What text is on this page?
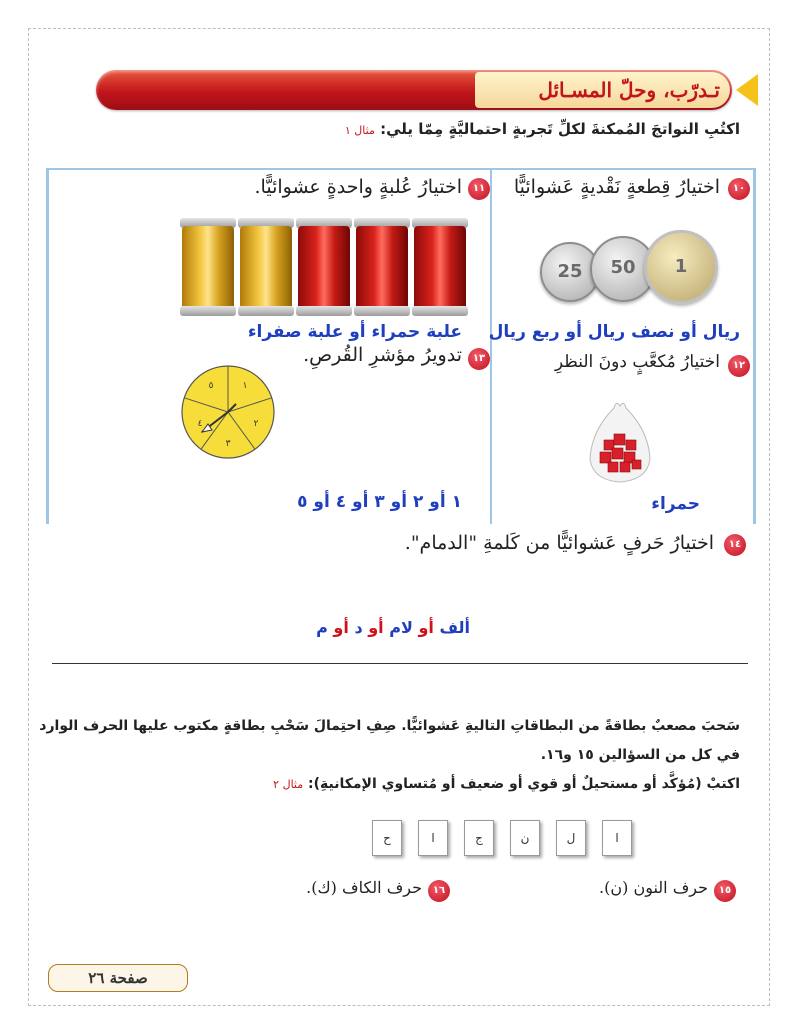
تـدرّب، وحلّ المسـائل
اكتُبِ النواتجَ المُمكنةَ لكلِّ تَجربةٍ احتماليَّةٍ مِمّا يلي: مثال ١
١٠
اختيارُ قِطعةٍ نَقْديةٍ عَشوائيًّا
25	50	1
ريال أو نصف ريال أو ربع ريال
١١
اختيارُ عُلبةٍ واحدةٍ عشوائيًّا.
علبة حمراء أو علبة صفراء
١٢
اختيارُ مُكعَّبٍ دونَ النظرِ
حمراء
١٣
تدويرُ مؤشرِ القُرصِ.
١
٢
٣
٤
٥
١ أو ٢ أو ٣ أو ٤ أو ٥
١٤
اختيارُ حَرفٍ عَشوائيًّا من كَلمةِ "الدمام".
ألف أو لام أو د أو م
سَحبَ مصعبٌ بطاقةً من البطاقاتِ التاليةِ عَشوائيًّا. صِفِ احتِمالَ سَحْبِ بطاقةٍ مكتوب عليها الحرف الوارد
في كل من السؤالين ١٥ و١٦.
اكتبْ (مُؤكَّد أو مستحيلٌ أو قوي أو ضعيف أو مُتساوي الإمكانيةِ): مثال ٢
ا
ل
ن
ج
ا
ح
١٥
حرف النون (ن).
١٦
حرف الكاف (ك).
صفحة ٢٦
